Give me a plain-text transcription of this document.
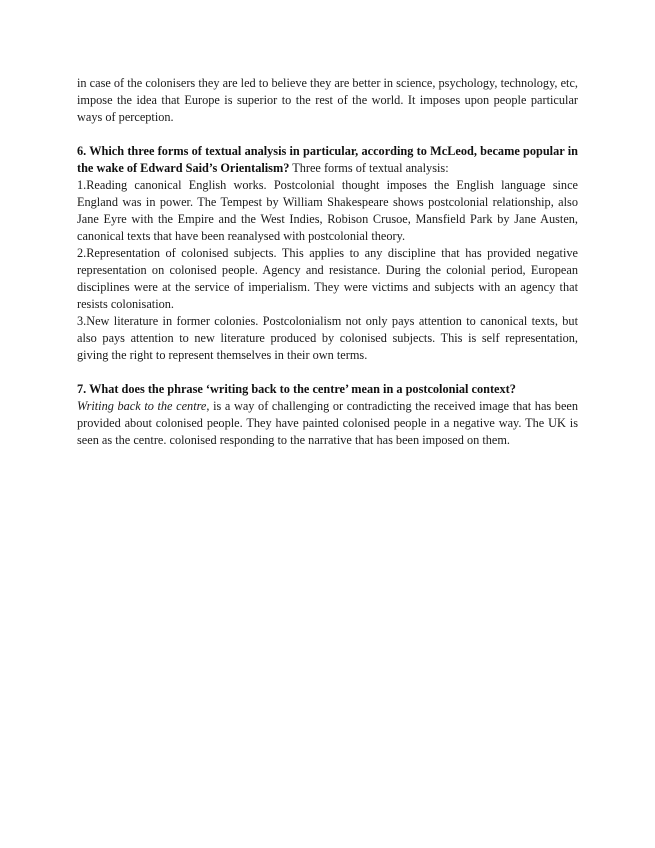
in case of the colonisers they are led to believe they are better in science, psychology, technology, etc, impose the idea that Europe is superior to the rest of the world. It imposes upon people particular ways of perception.

6. Which three forms of textual analysis in particular, according to McLeod, became popular in the wake of Edward Said’s Orientalism? Three forms of textual analysis:

1.Reading canonical English works. Postcolonial thought imposes the English language since England was in power. The Tempest by William Shakespeare shows postcolonial relationship, also Jane Eyre with the Empire and the West Indies, Robison Crusoe, Mansfield Park by Jane Austen, canonical texts that have been reanalysed with postcolonial theory.

2.Representation of colonised subjects. This applies to any discipline that has provided negative representation on colonised people. Agency and resistance. During the colonial period, European disciplines were at the service of imperialism. They were victims and subjects with an agency that resists colonisation.

3.New literature in former colonies. Postcolonialism not only pays attention to canonical texts, but also pays attention to new literature produced by colonised subjects. This is self representation, giving the right to represent themselves in their own terms.

7. What does the phrase ‘writing back to the centre’ mean in a postcolonial context?

Writing back to the centre, is a way of challenging or contradicting the received image that has been provided about colonised people. They have painted colonised people in a negative way. The UK is seen as the centre. colonised responding to the narrative that has been imposed on them.
